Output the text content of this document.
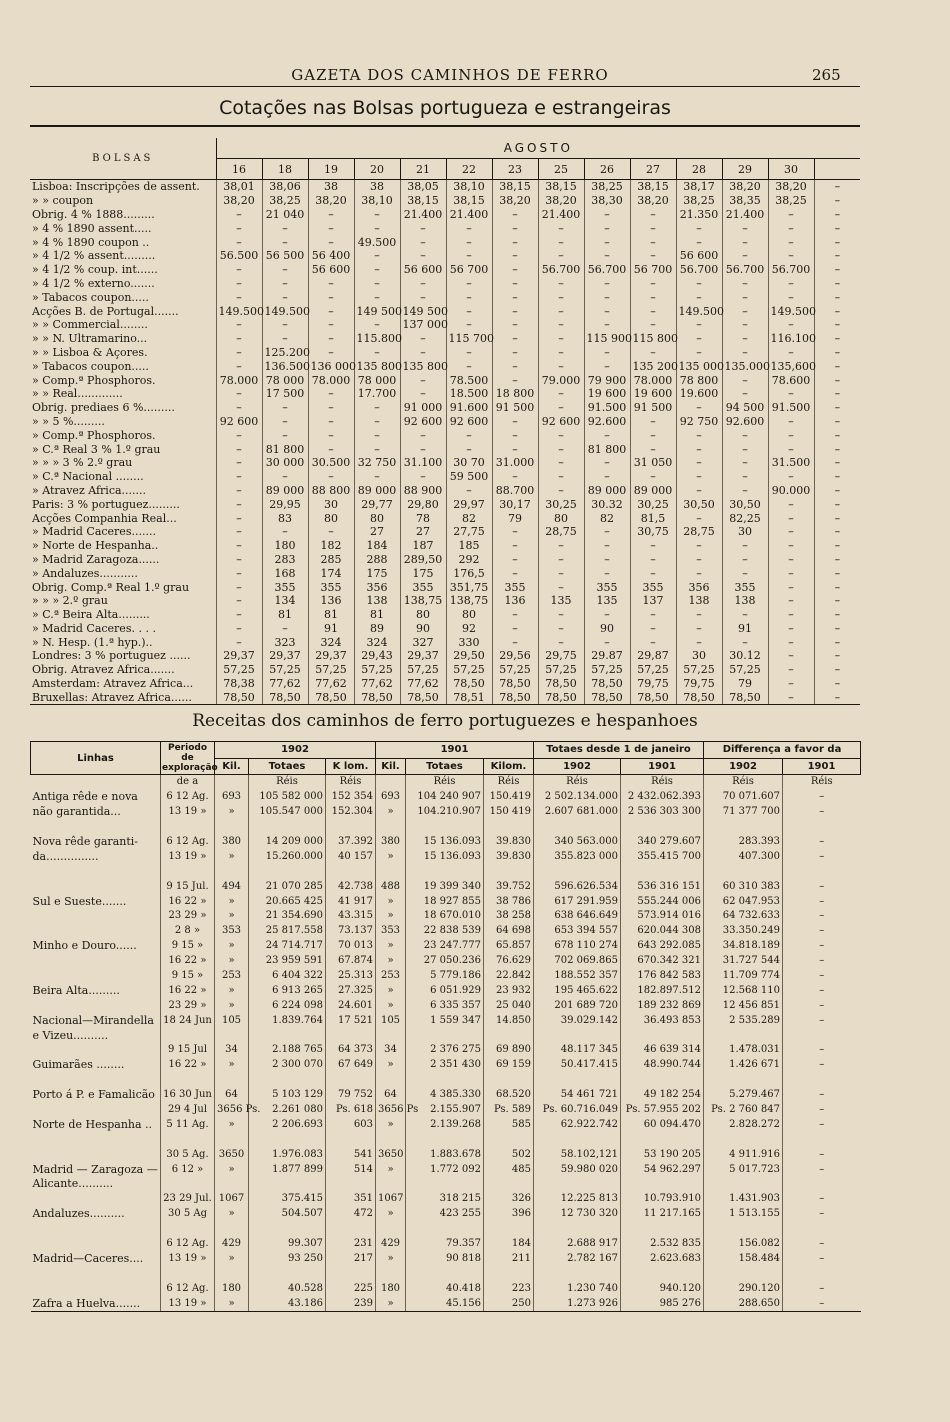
GAZETA DOS CAMINHOS DE FERRO	265
Cotações nas Bolsas portugueza e estrangeiras
BOLSAS	AGOSTO													
	16	18	19	20	21	22	23	25	26	27	28	29	30	
Lisboa: Inscripções de assent.	38,01	38,06	38	38	38,05	38,10	38,15	38,15	38,25	38,15	38,17	38,20	38,20	–
» » coupon	38,20	38,25	38,20	38,10	38,15	38,15	38,20	38,20	38,30	38,20	38,25	38,35	38,25	–
Obrig. 4 % 1888.........	–	21 040	–	–	21.400	21.400	–	21.400	–	–	21.350	21.400	–	–
» 4 % 1890 assent.....	–	–	–	–	–	–	–	–	–	–	–	–	–	–
» 4 % 1890 coupon ..	–	–	–	49.500	–	–	–	–	–	–	–	–	–	–
» 4 1/2 % assent.........	56.500	56 500	56 400	–	–	–	–	–	–	–	56 600	–	–	–
» 4 1/2 % coup. int......	–	–	56 600	–	56 600	56 700	–	56.700	56.700	56 700	56.700	56.700	56.700	–
» 4 1/2 % externo.......	–	–	–	–	–	–	–	–	–	–	–	–	–	–
» Tabacos coupon.....	–	–	–	–	–	–	–	–	–	–	–	–	–	–
Acções B. de Portugal.......	149.500	149.500	–	149 500	149 500	–	–	–	–	–	149.500	–	149.500	–
» » Commercial........	–	–	–	–	137 000	–	–	–	–	–	–	–	–	–
» » N. Ultramarino...	–	–	–	115.800	–	115 700	–	–	115 900	115 800	–	–	116.100	–
» » Lisboa & Açores.	–	125.200	–	–	–	–	–	–	–	–	–	–	–	–
» Tabacos coupon.....	–	136.500	136 000	135 800	135 800	–	–	–	–	135 200	135 000	135.000	135,600	–
» Comp.ª Phosphoros.	78.000	78 000	78.000	78 000	–	78.500	–	79.000	79 900	78.000	78 800	–	78.600	–
» » Real.............	–	17 500	–	17.700	–	18.500	18 800	–	19 600	19 600	19.600	–	–	–
Obrig. prediaes 6 %.........	–	–	–	–	91 000	91.600	91 500	–	91.500	91 500	–	94 500	91.500	–
» » 5 %.........	92 600	–	–	–	92 600	92 600	–	92 600	92.600	–	92 750	92.600	–	–
» Comp.ª Phosphoros.	–	–	–	–	–	–	–	–	–	–	–	–	–	–
» C.ª Real 3 % 1.º grau	–	81 800	–	–	–	–	–	–	81 800	–	–	–	–	–
» » » 3 % 2.º grau	–	30 000	30.500	32 750	31.100	30 70	31.000	–	–	31 050	–	–	31.500	–
» C.ª Nacional ........	–	–	–	–	–	59 500	–	–	–	–	–	–	–	–
» Atravez Africa.......	–	89 000	88 800	89 000	88 900	–	88.700	–	89 000	89 000	–	–	90.000	–
Paris: 3 % portuguez.........	–	29,95	30	29,77	29,80	29,97	30,17	30,25	30.32	30,25	30,50	30,50	–	–
Acções Companhia Real...	–	83	80	80	78	82	79	80	82	81,5	–	82,25	–	–
» Madrid Caceres.......	–	–	–	27	27	27,75	–	28,75	–	30,75	28,75	30	–	–
» Norte de Hespanha..	–	180	182	184	187	185	–	–	–	–	–	–	–	–
» Madrid Zaragoza......	–	283	285	288	289,50	292	–	–	–	–	–	–	–	–
» Andaluzes...........	–	168	174	175	175	176,5	–	–	–	–	–	–	–	–
Obrig. Comp.ª Real 1.º grau	–	355	355	356	355	351,75	355	–	355	355	356	355	–	–
» » » 2.º grau	–	134	136	138	138,75	138,75	136	135	135	137	138	138	–	–
» C.ª Beira Alta.........	–	81	81	81	80	80	–	–	–	–	–	–	–	–
» Madrid Caceres. . . .	–	–	91	89	90	92	–	–	90	–	–	91	–	–
» N. Hesp. (1.ª hyp.)..	–	323	324	324	327	330	–	–	–	–	–	–	–	–
Londres: 3 % portuguez ......	29,37	29,37	29,37	29,43	29,37	29,50	29,56	29,75	29.87	29,87	30	30.12	–	–
Obrig. Atravez Africa.......	57,25	57,25	57,25	57,25	57,25	57,25	57,25	57,25	57,25	57,25	57,25	57,25	–	–
Amsterdam: Atravez Africa...	78,38	77,62	77,62	77,62	77,62	78,50	78,50	78,50	78,50	79,75	79,75	79	–	–
Bruxellas: Atravez Africa......	78,50	78,50	78,50	78,50	78,50	78,51	78,50	78,50	78,50	78,50	78,50	78,50	–	–
Receitas dos caminhos de ferro portuguezes e hespanhoes
Linhas	Periodo de exploração	1902			1901			Totaes desde 1 de janeiro		Differença a favor da	
		Kil.	Totaes	K lom.	Kil.	Totaes	Kilom.	1902	1901	1902	1901
	de a		Réis	Réis		Réis	Réis	Réis	Réis	Réis	Réis
Antiga rêde e nova	6 12 Ag.	693	105 582 000	152 354	693	104 240 907	150.419	2 502.134.000	2 432.062.393	70 071.607	–
não garantida...	13 19 »	»	105.547 000	152.304	»	104.210.907	150 419	2.607 681.000	2 536 303 300	71 377 700	–

Nova rêde garanti-	6 12 Ag.	380	14 209 000	37.392	380	15 136.093	39.830	340 563.000	340 279.607	283.393	–
da...............	13 19 »	»	15.260.000	40 157	»	15 136.093	39.830	355.823 000	355.415 700	407.300	–

	9 15 Jul.	494	21 070 285	42.738	488	19 399 340	39.752	596.626.534	536 316 151	60 310 383	–
Sul e Sueste.......	16 22 »	»	20.665 425	41 917	»	18 927 855	38 786	617 291.959	555.244 006	62 047.953	–
	23 29 »	»	21 354.690	43.315	»	18 670.010	38 258	638 646.649	573.914 016	64 732.633	–
	2 8 »	353	25 817.558	73.137	353	22 838 539	64 698	653 394 557	620.044 308	33.350.249	–
Minho e Douro......	9 15 »	»	24 714.717	70 013	»	23 247.777	65.857	678 110 274	643 292.085	34.818.189	–
	16 22 »	»	23 959 591	67.874	»	27 050.236	76.629	702 069.865	670.342 321	31.727 544	–
	9 15 »	253	6 404 322	25.313	253	5 779.186	22.842	188.552 357	176 842 583	11.709 774	–
Beira Alta.........	16 22 »	»	6 913 265	27.325	»	6 051.929	23 932	195 465.622	182.897.512	12.568 110	–
	23 29 »	»	6 224 098	24.601	»	6 335 357	25 040	201 689 720	189 232 869	12 456 851	–
Nacional—Mirandella	18 24 Jun	105	1.839.764	17 521	105	1 559 347	14.850	39.029.142	36.493 853	2 535.289	–
e Vizeu..........											
	9 15 Jul	34	2.188 765	64 373	34	2 376 275	69 890	48.117 345	46 639 314	1.478.031	–
Guimarães ........	16 22 »	»	2 300 070	67 649	»	2 351 430	69 159	50.417.415	48.990.744	1.426 671	–

Porto á P. e Famalicão	16 30 Jun	64	5 103 129	79 752	64	4 385.330	68.520	54 461 721	49 182 254	5.279.467	–
	29 4 Jul	3656 Ps.	2.261 080	Ps. 618	3656 Ps	2.155.907	Ps. 589	Ps. 60.716.049	Ps. 57.955 202	Ps. 2 760 847	–
Norte de Hespanha ..	5 11 Ag.	»	2 206.693	603	»	2.139.268	585	62.922.742	60 094.470	2.828.272	–

	30 5 Ag.	3650	1.976.083	541	3650	1.883.678	502	58.102,121	53 190 205	4 911.916	–
Madrid — Zaragoza —	6 12 »	»	1.877 899	514	»	1.772 092	485	59.980 020	54 962.297	5 017.723	–
Alicante..........											
	23 29 Jul.	1067	375.415	351	1067	318 215	326	12.225 813	10.793.910	1.431.903	–
Andaluzes..........	30 5 Ag	»	504.507	472	»	423 255	396	12 730 320	11 217.165	1 513.155	–

	6 12 Ag.	429	99.307	231	429	79.357	184	2.688 917	2.532 835	156.082	–
Madrid—Caceres....	13 19 »	»	93 250	217	»	90 818	211	2.782 167	2.623.683	158.484	–

	6 12 Ag.	180	40.528	225	180	40.418	223	1.230 740	940.120	290.120	–
Zafra a Huelva.......	13 19 »	»	43.186	239	»	45.156	250	1.273 926	985 276	288.650	–
